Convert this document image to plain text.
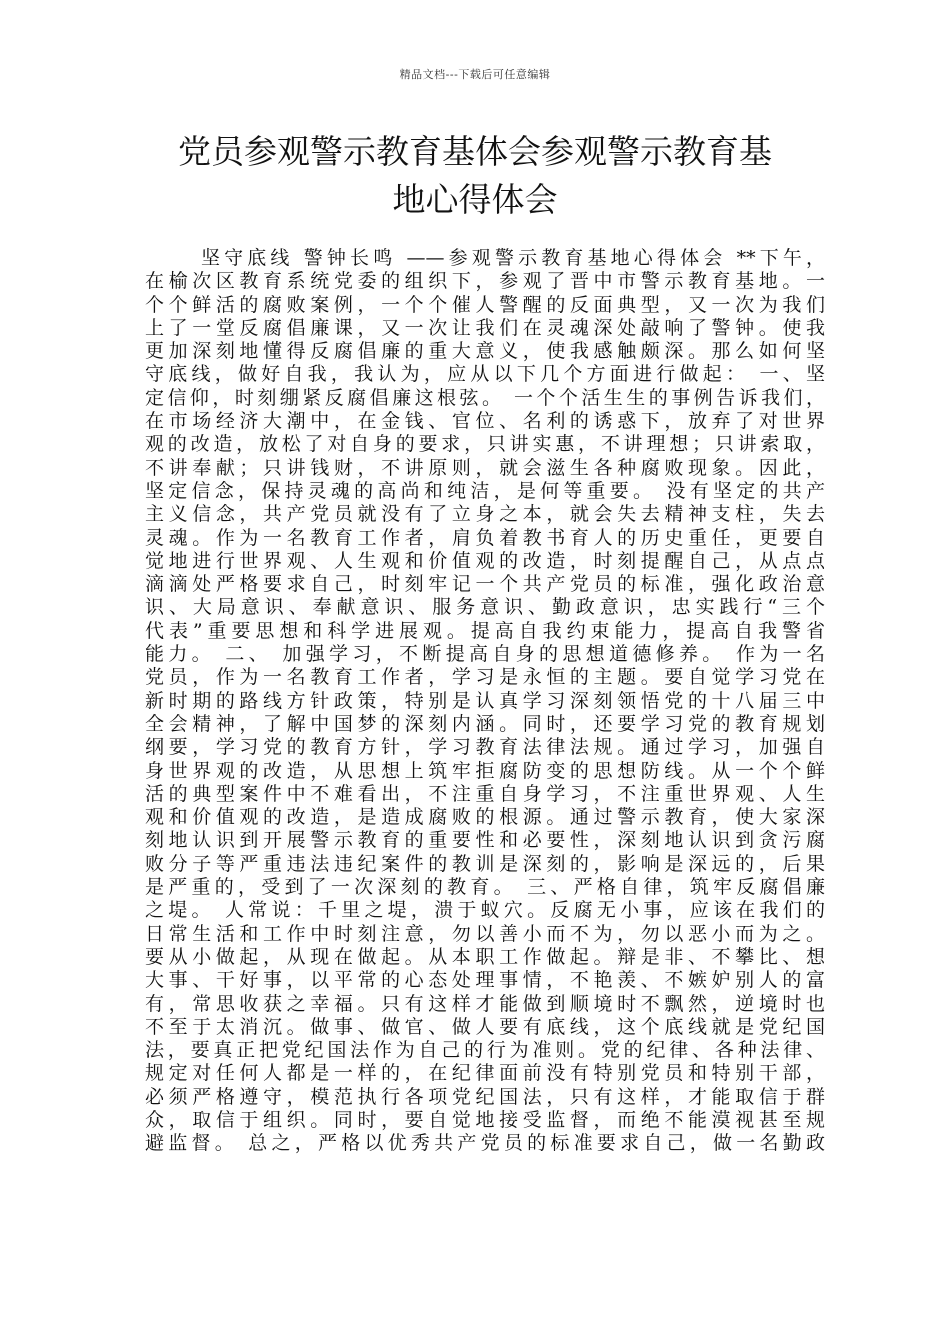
精品文档---下载后可任意编辑
党员参观警示教育基体会参观警示教育基
地心得体会
坚守底线 警钟长鸣 ——参观警示教育基地心得体会 **下午，
在榆次区教育系统党委的组织下，参观了晋中市警示教育基地。一
个个鲜活的腐败案例，一个个催人警醒的反面典型，又一次为我们
上了一堂反腐倡廉课，又一次让我们在灵魂深处敲响了警钟。使我
更加深刻地懂得反腐倡廉的重大意义，使我感触颇深。那么如何坚
守底线，做好自我，我认为，应从以下几个方面进行做起： 一、坚
定信仰，时刻绷紧反腐倡廉这根弦。 一个个活生生的事例告诉我们，
在市场经济大潮中，在金钱、官位、名利的诱惑下，放弃了对世界
观的改造，放松了对自身的要求，只讲实惠，不讲理想；只讲索取，
不讲奉献；只讲钱财，不讲原则，就会滋生各种腐败现象。因此，
坚定信念，保持灵魂的高尚和纯洁，是何等重要。 没有坚定的共产
主义信念，共产党员就没有了立身之本，就会失去精神支柱，失去
灵魂。作为一名教育工作者，肩负着教书育人的历史重任，更要自
觉地进行世界观、人生观和价值观的改造，时刻提醒自己，从点点
滴滴处严格要求自己，时刻牢记一个共产党员的标准，强化政治意
识、大局意识、奉献意识、服务意识、勤政意识，忠实践行“三个
代表”重要思想和科学进展观。提高自我约束能力，提高自我警省
能力。 二、 加强学习，不断提高自身的思想道德修养。 作为一名
党员，作为一名教育工作者，学习是永恒的主题。要自觉学习党在
新时期的路线方针政策，特别是认真学习深刻领悟党的十八届三中
全会精神，了解中国梦的深刻内涵。同时，还要学习党的教育规划
纲要，学习党的教育方针，学习教育法律法规。通过学习，加强自
身世界观的改造，从思想上筑牢拒腐防变的思想防线。从一个个鲜
活的典型案件中不难看出，不注重自身学习，不注重世界观、人生
观和价值观的改造，是造成腐败的根源。通过警示教育，使大家深
刻地认识到开展警示教育的重要性和必要性，深刻地认识到贪污腐
败分子等严重违法违纪案件的教训是深刻的，影响是深远的，后果
是严重的，受到了一次深刻的教育。 三、严格自律，筑牢反腐倡廉
之堤。 人常说：千里之堤，溃于蚁穴。反腐无小事，应该在我们的
日常生活和工作中时刻注意，勿以善小而不为，勿以恶小而为之。
要从小做起，从现在做起。从本职工作做起。辩是非、不攀比、想
大事、干好事，以平常的心态处理事情，不艳羡、不嫉妒别人的富
有，常思收获之幸福。只有这样才能做到顺境时不飘然，逆境时也
不至于太消沉。做事、做官、做人要有底线，这个底线就是党纪国
法，要真正把党纪国法作为自己的行为准则。党的纪律、各种法律、
规定对任何人都是一样的，在纪律面前没有特别党员和特别干部，
必须严格遵守，模范执行各项党纪国法，只有这样，才能取信于群
众，取信于组织。同时，要自觉地接受监督，而绝不能漠视甚至规
避监督。 总之，严格以优秀共产党员的标准要求自己，做一名勤政
